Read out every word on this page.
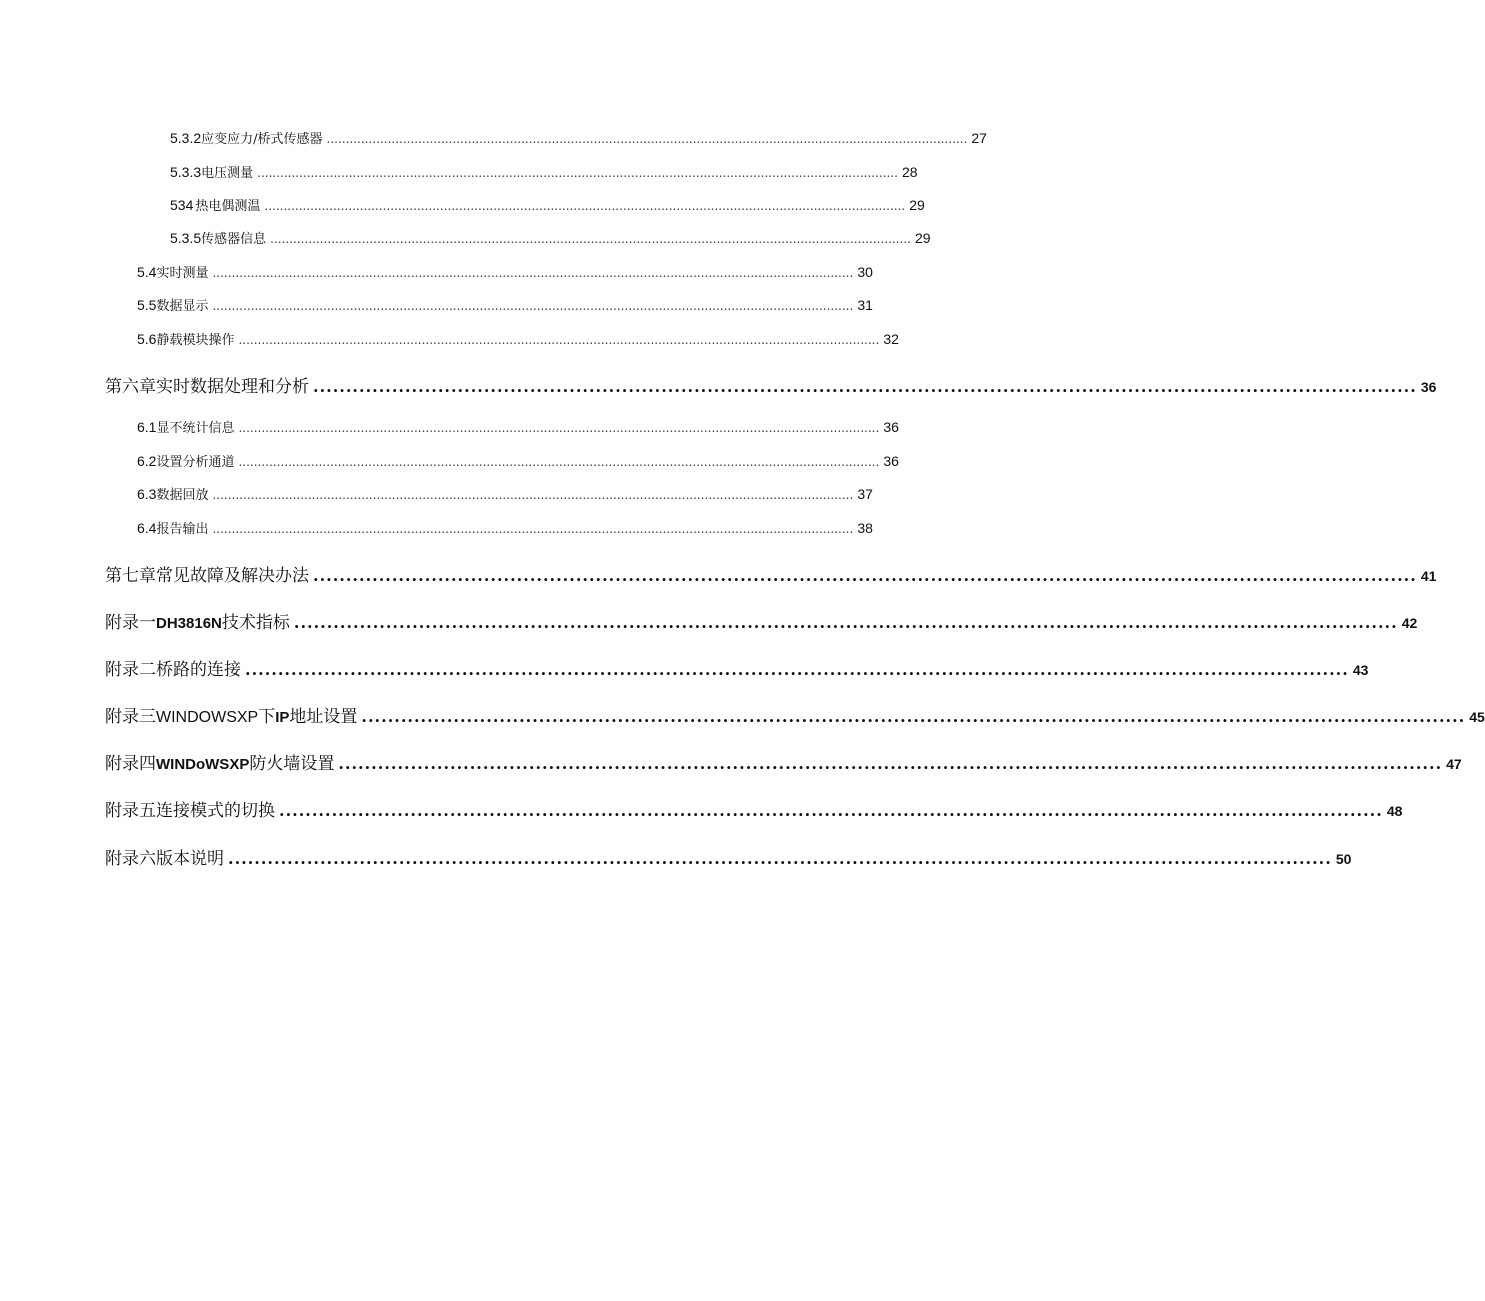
5.3.2 应变应力/桥式传感器 ........................................................................................................................................................................ 27
5.3.3 电压测量 ........................................................................................................................................................................ 28
534 热电偶测温 ........................................................................................................................................................................ 29
5.3.5 传感器信息 ........................................................................................................................................................................ 29
5.4 实时测量 ........................................................................................................................................................................ 30
5.5 数据显示 ........................................................................................................................................................................ 31
5.6 静载模块操作 ........................................................................................................................................................................ 32
第六章实时数据处理和分析 ........................................................................................................................................................................ 36
6.1 显不统计信息 ........................................................................................................................................................................ 36
6.2 设置分析通道 ........................................................................................................................................................................ 36
6.3 数据回放 ........................................................................................................................................................................ 37
6.4 报告输出 ........................................................................................................................................................................ 38
第七章常见故障及解决办法 ........................................................................................................................................................................ 41
附录一DH3816N技术指标 ........................................................................................................................................................................ 42
附录二桥路的连接 ........................................................................................................................................................................ 43
附录三WINDOWSXP下IP地址设置 ........................................................................................................................................................................ 45
附录四WINDoWSXP防火墙设置 ........................................................................................................................................................................ 47
附录五连接模式的切换 ........................................................................................................................................................................ 48
附录六版本说明 ........................................................................................................................................................................ 50
